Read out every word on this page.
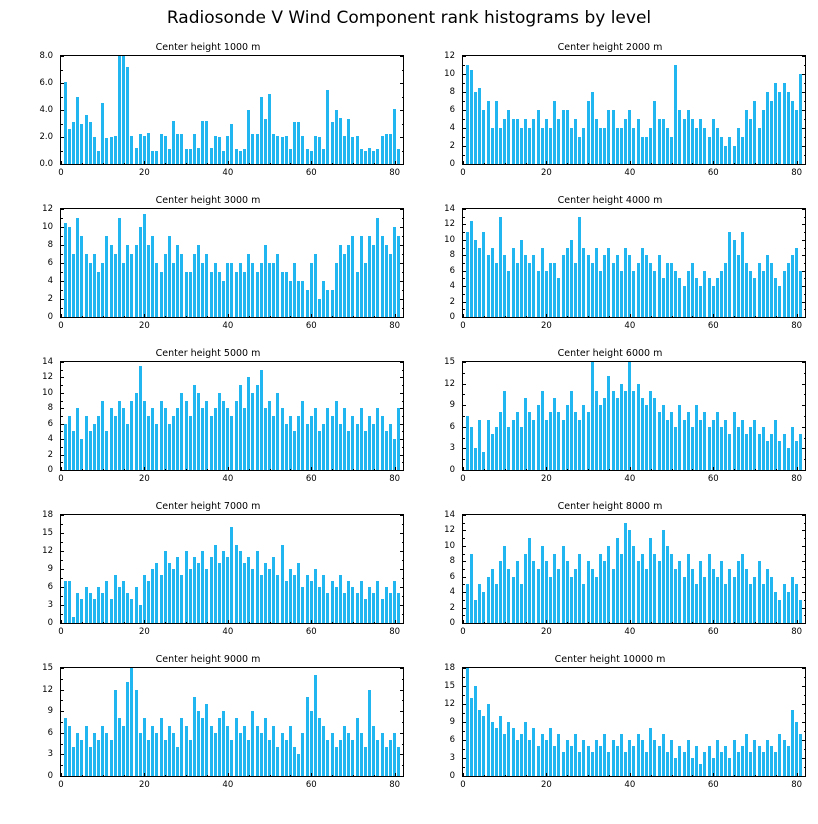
Radiosonde V Wind Component rank histograms by level
Center height 1000 m
0.0
2.0
4.0
6.0
8.0
0	20	40	60	80
Center height 2000 m
0
2
4
6
8
10
12
0	20	40	60	80
Center height 3000 m
0
2
4
6
8
10
12
0	20	40	60	80
Center height 4000 m
0
2
4
6
8
10
12
14
0	20	40	60	80
Center height 5000 m
0
2
4
6
8
10
12
14
0	20	40	60	80
Center height 6000 m
0
3
6
9
12
15
0	20	40	60	80
Center height 7000 m
0
3
6
9
12
15
18
0	20	40	60	80
Center height 8000 m
0
2
4
6
8
10
12
14
0	20	40	60	80
Center height 9000 m
0
3
6
9
12
15
0	20	40	60	80
Center height 10000 m
0
3
6
9
12
15
18
0	20	40	60	80
